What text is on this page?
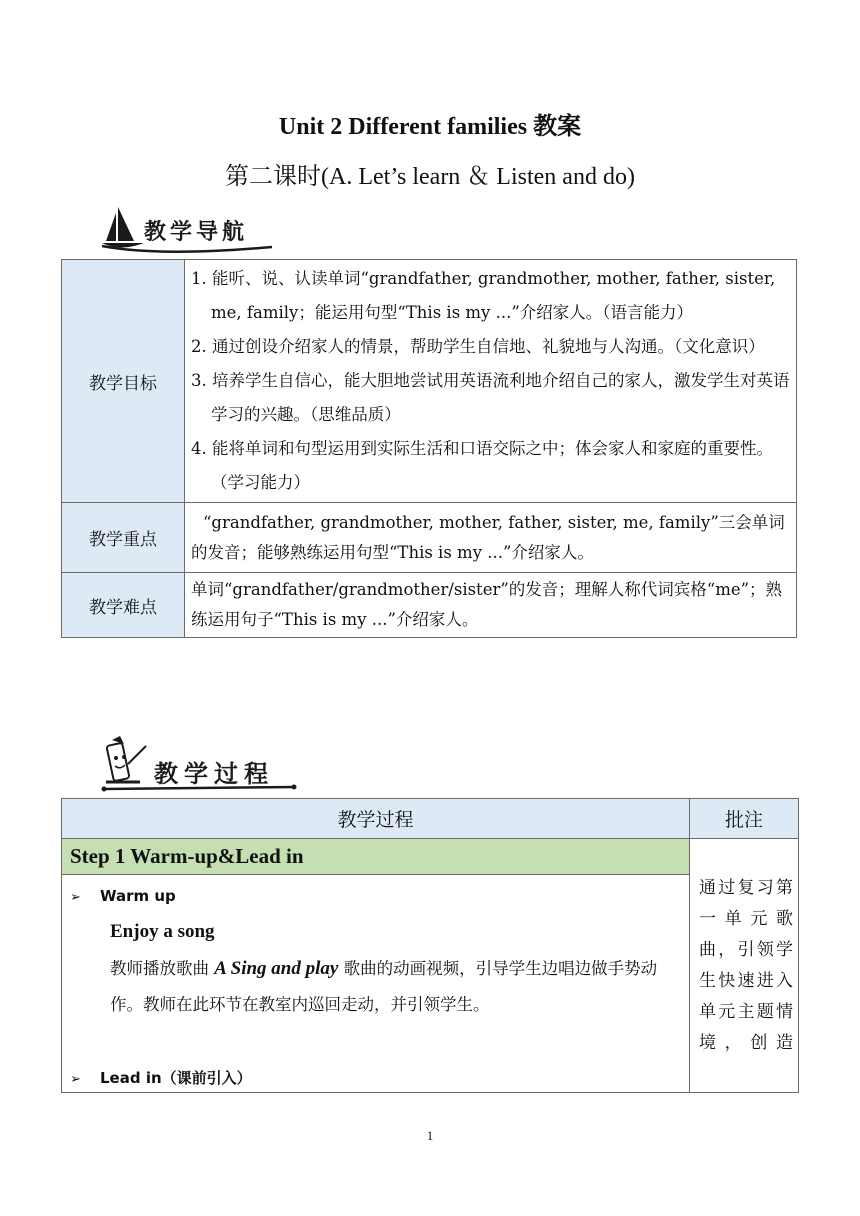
Unit 2 Different families 教案
第二课时(A. Let’s learn ＆ Listen and do)
教学导航
教学目标	1. 能听、说、认读单词“grandfather, grandmother, mother, father, sister, me, family；能运用句型“This is my ...”介绍家人。（语言能力）
2. 通过创设介绍家人的情景，帮助学生自信地、礼貌地与人沟通。（文化意识）
3. 培养学生自信心，能大胆地尝试用英语流利地介绍自己的家人，激发学生对英语学习的兴趣。（思维品质）
4. 能将单词和句型运用到实际生活和口语交际之中；体会家人和家庭的重要性。（学习能力）

教学重点	“grandfather, grandmother, mother, father, sister, me, family”三会单词的发音；能够熟练运用句型“This is my ...”介绍家人。

教学难点	单词“grandfather/grandmother/sister”的发音；理解人称代词宾格“me”；熟练运用句子“This is my ...”介绍家人。
教学过程
教学过程	批注
Step 1 Warm-up&Lead in	通过复习第一单元歌曲，引领学生快速进入单元主题情境，创造

➢ Warm up
Enjoy a song
教师播放歌曲 A Sing and play 歌曲的动画视频，引导学生边唱边做手势动作。教师在此环节在教室内巡回走动，并引领学生。
➢ Lead in（课前引入）	
1
